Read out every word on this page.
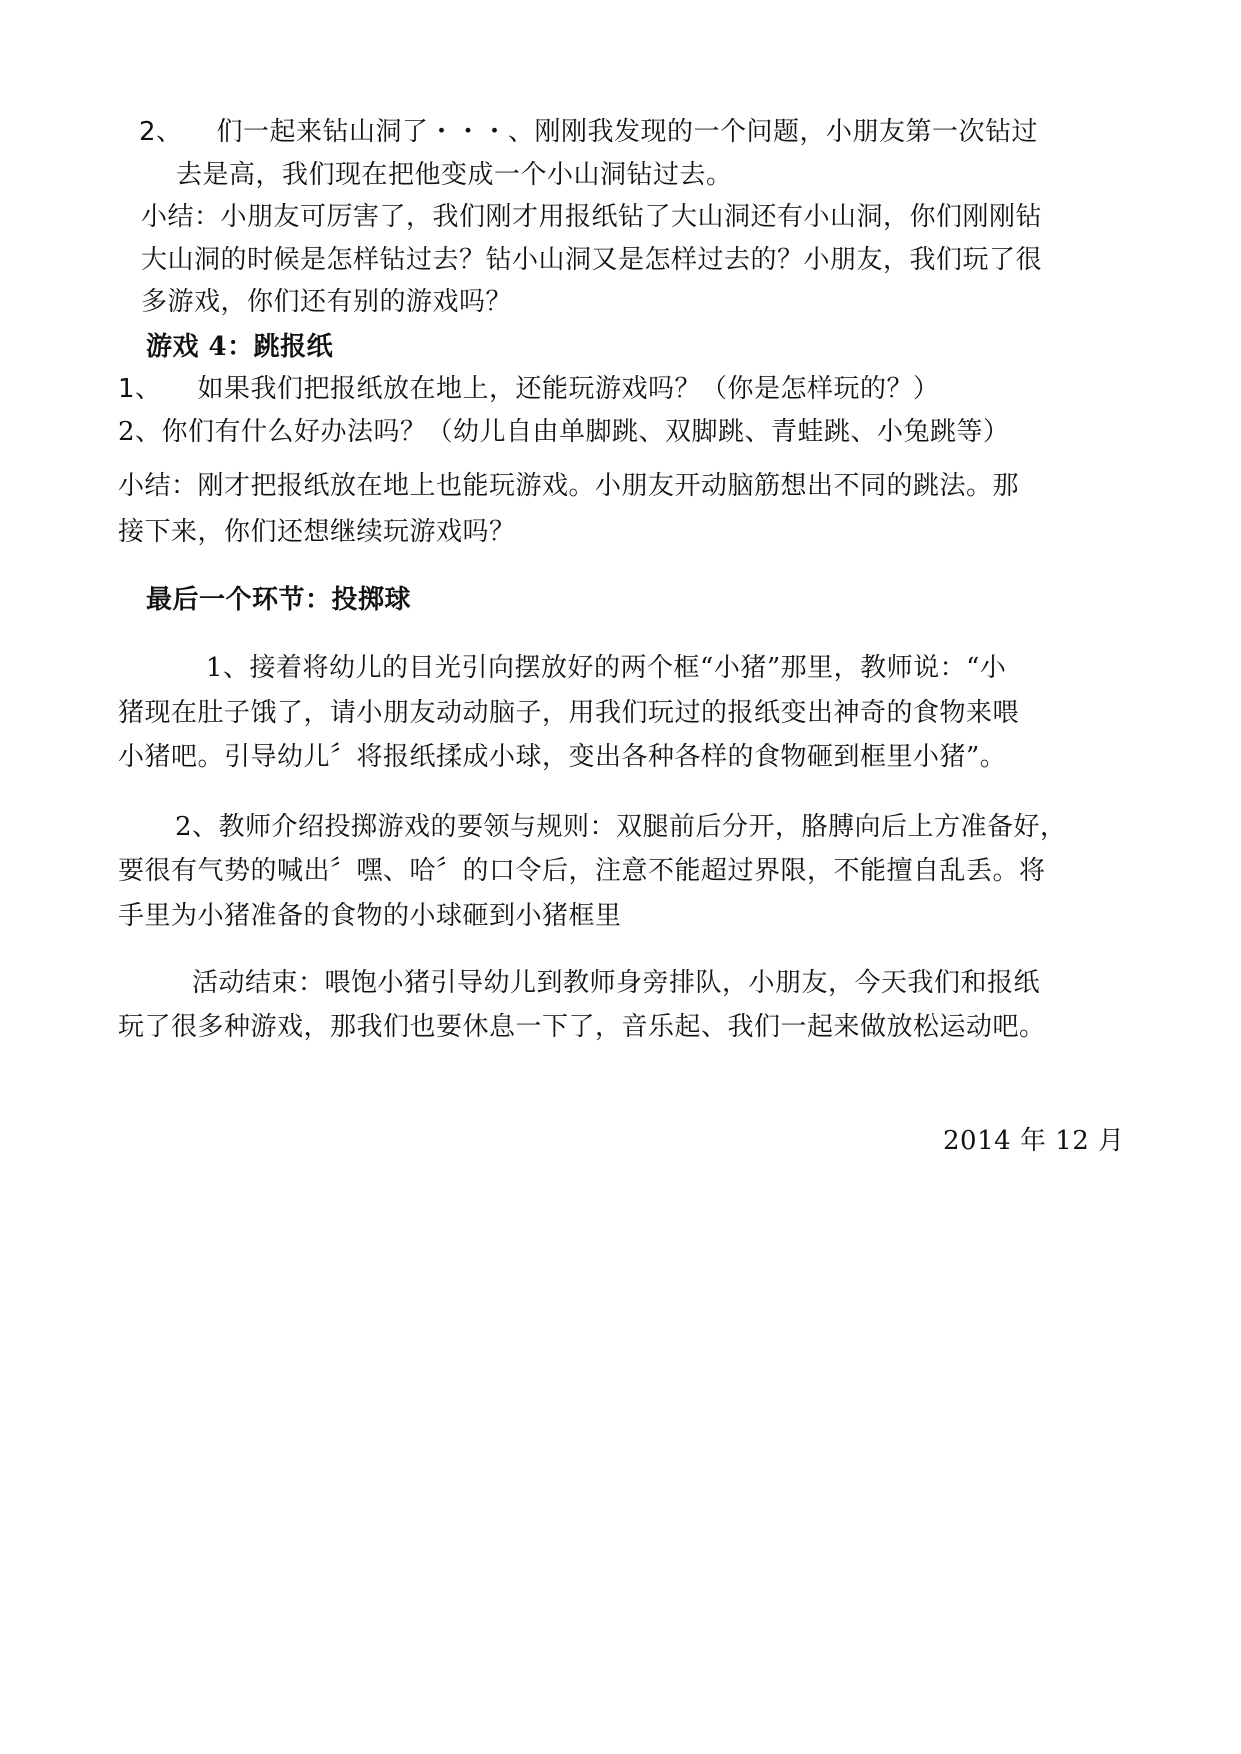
2、 们一起来钻山洞了・・・、刚刚我发现的一个问题，小朋友第一次钻过
去是高，我们现在把他变成一个小山洞钻过去。
小结：小朋友可厉害了，我们刚才用报纸钻了大山洞还有小山洞，你们刚刚钻
大山洞的时候是怎样钻过去？钻小山洞又是怎样过去的？小朋友，我们玩了很
多游戏，你们还有别的游戏吗？
游戏 4：跳报纸
1、 如果我们把报纸放在地上，还能玩游戏吗？（你是怎样玩的？）
2、你们有什么好办法吗？（幼儿自由单脚跳、双脚跳、青蛙跳、小兔跳等）
小结：刚才把报纸放在地上也能玩游戏。小朋友开动脑筋想出不同的跳法。那
接下来，你们还想继续玩游戏吗？
最后一个环节：投掷球
1、接着将幼儿的目光引向摆放好的两个框“小猪”那里，教师说：“小
猪现在肚子饿了，请小朋友动动脑子，用我们玩过的报纸变出神奇的食物来喂
小猪吧。引导幼儿〞将报纸揉成小球，变出各种各样的食物砸到框里小猪”。
2、教师介绍投掷游戏的要领与规则：双腿前后分开，胳膊向后上方准备好，
要很有气势的喊出〞嘿、哈〞的口令后，注意不能超过界限，不能擅自乱丢。将
手里为小猪准备的食物的小球砸到小猪框里
活动结束：喂饱小猪引导幼儿到教师身旁排队，小朋友，今天我们和报纸
玩了很多种游戏，那我们也要休息一下了，音乐起、我们一起来做放松运动吧。
2014 年 12 月
